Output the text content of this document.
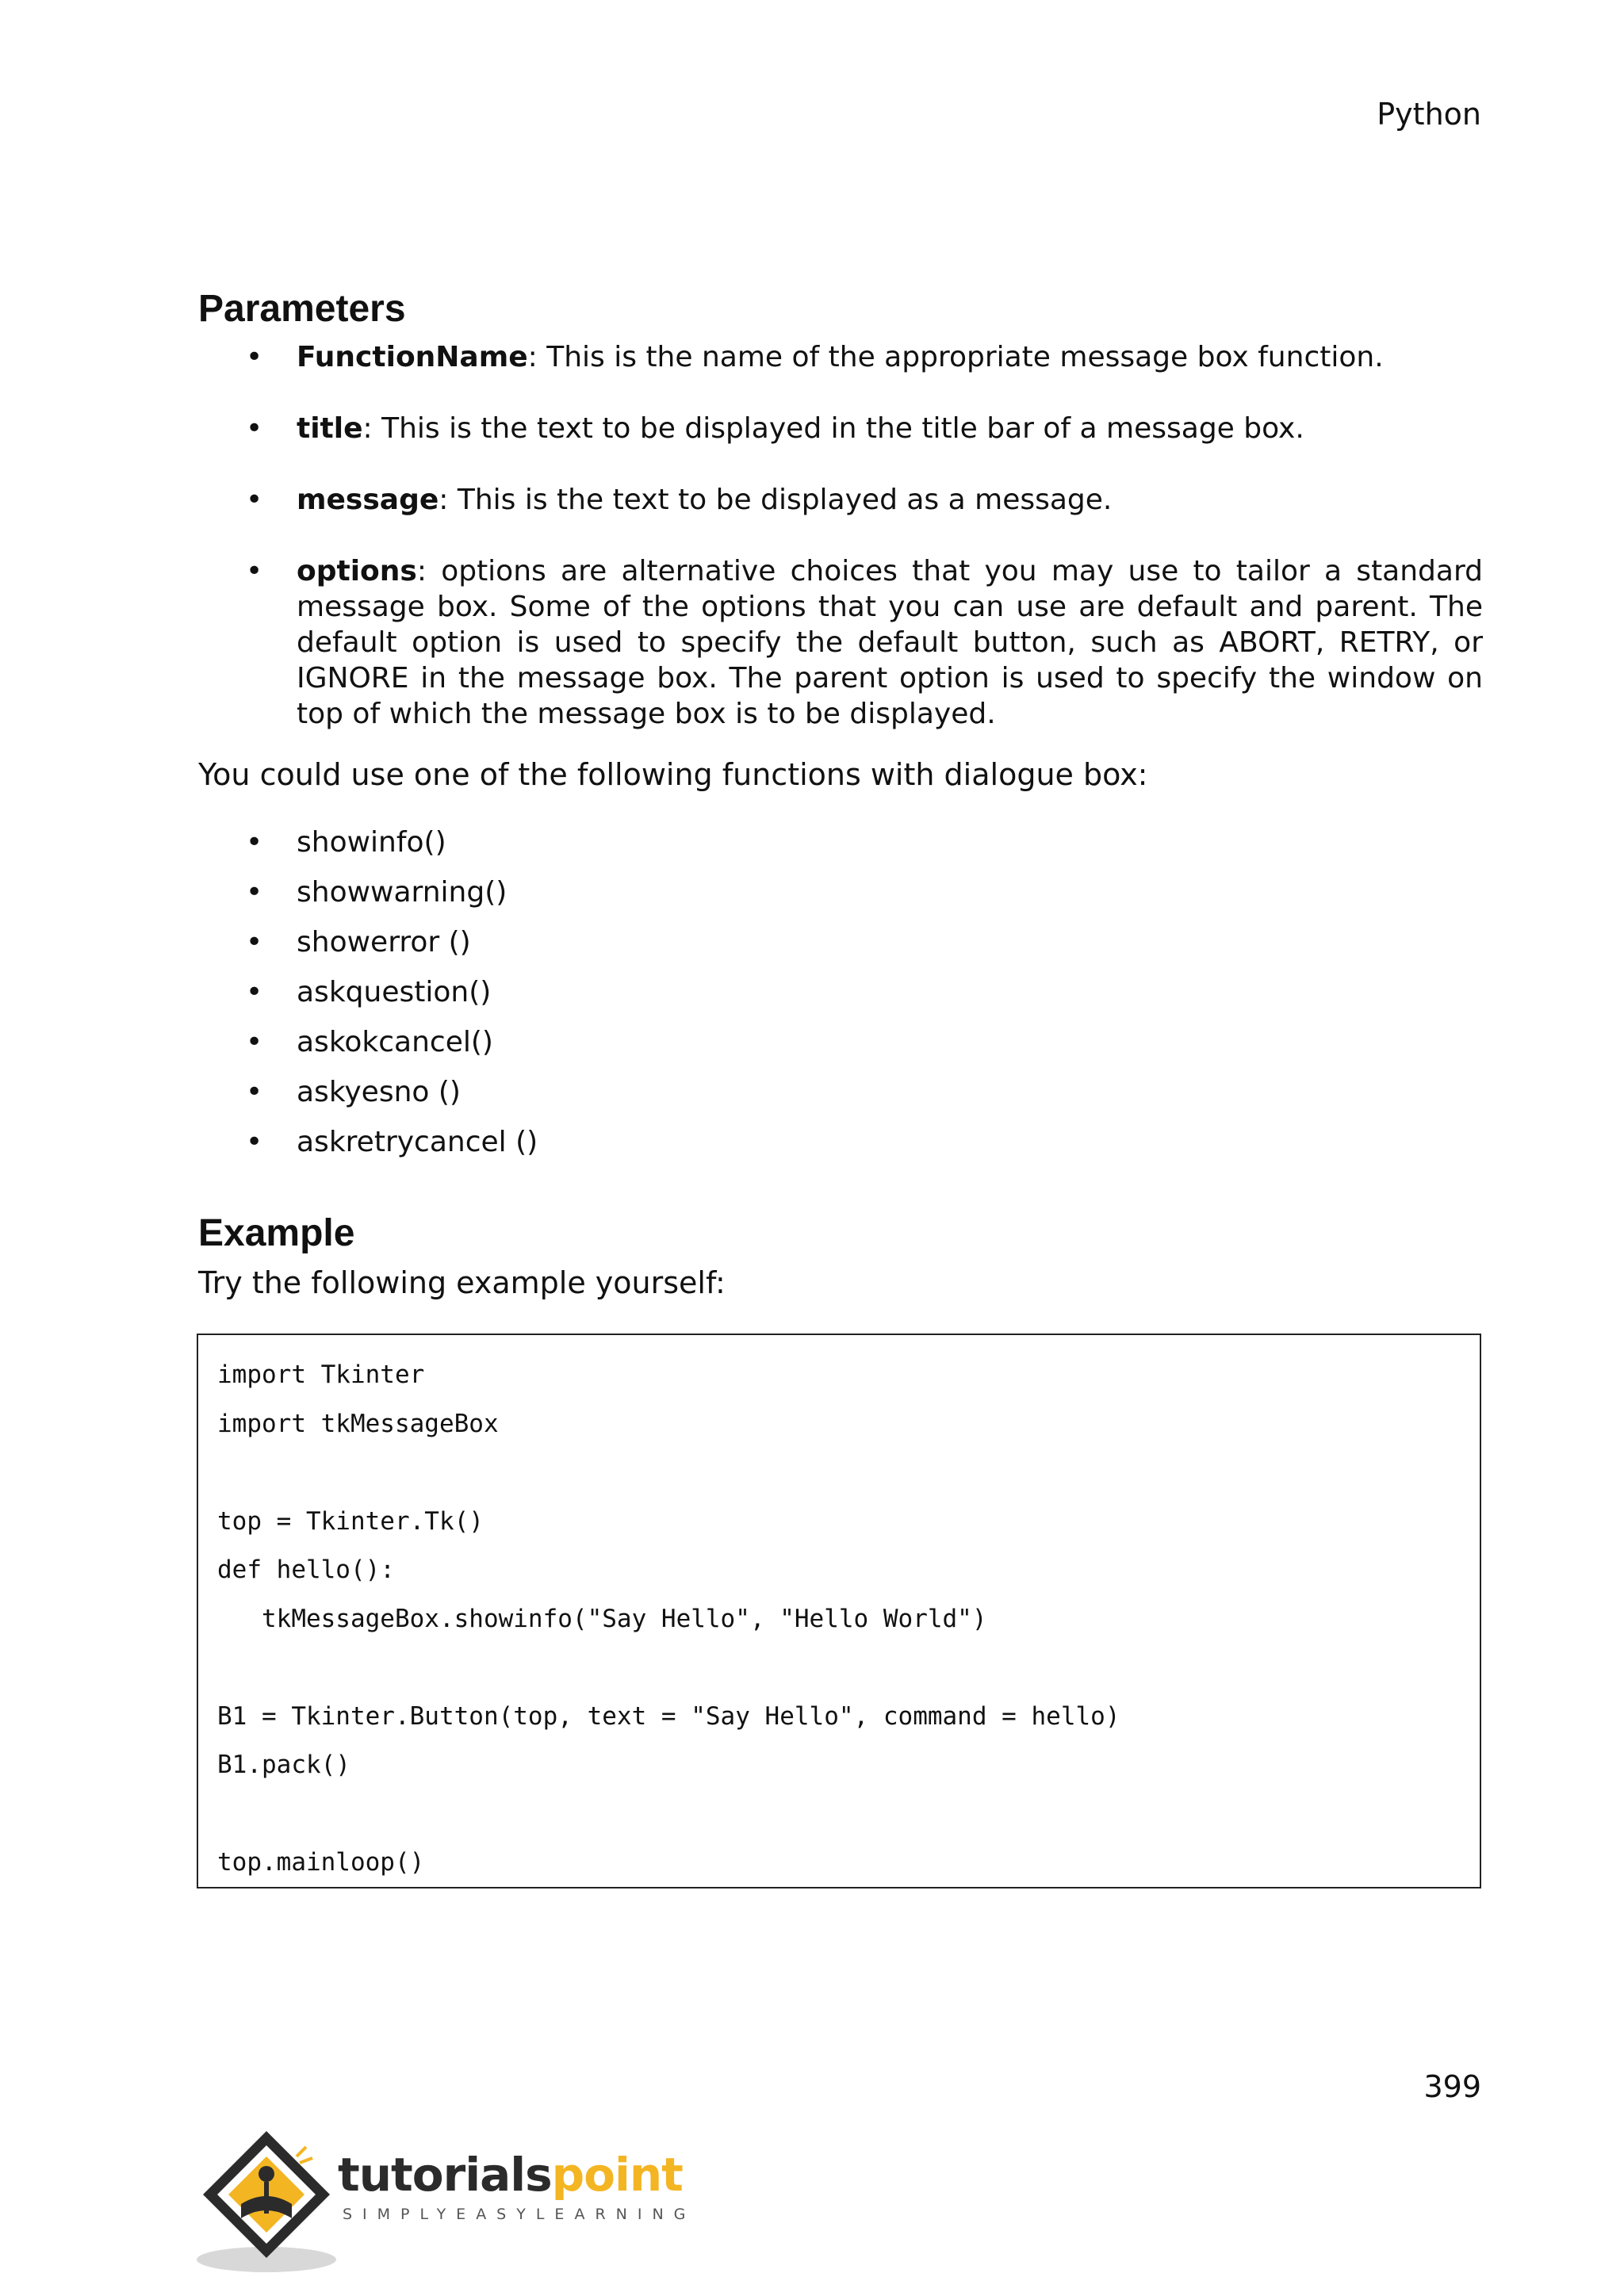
Python
Parameters
• FunctionName: This is the name of the appropriate message box function.
• title: This is the text to be displayed in the title bar of a message box.
• message: This is the text to be displayed as a message.
• options: options are alternative choices that you may use to tailor a standard message box. Some of the options that you can use are default and parent. The default option is used to specify the default button, such as ABORT, RETRY, or IGNORE in the message box. The parent option is used to specify the window on top of which the message box is to be displayed.
You could use one of the following functions with dialogue box:
• showinfo()
• showwarning()
• showerror ()
• askquestion()
• askokcancel()
• askyesno ()
• askretrycancel ()
Example
Try the following example yourself:
import Tkinter
import tkMessageBox
top = Tkinter.Tk()
def hello():
tkMessageBox.showinfo("Say Hello", "Hello World")
B1 = Tkinter.Button(top, text = "Say Hello", command = hello)
B1.pack()
top.mainloop()
399
tutorialspoint
SIMPLYEASYLEARNING
